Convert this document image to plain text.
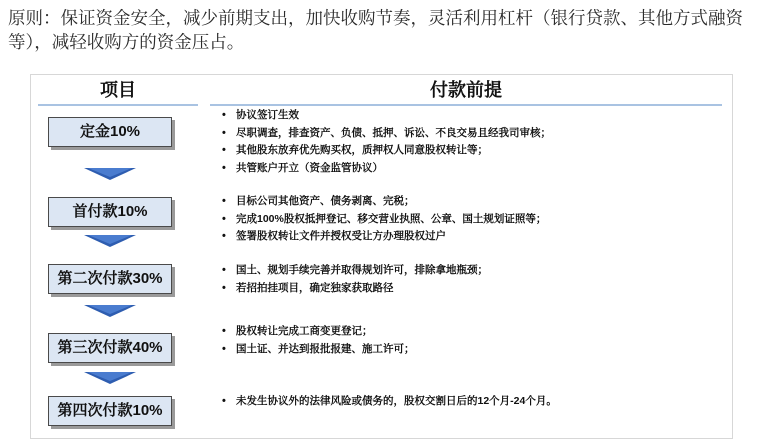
原则：保证资金安全，减少前期支出，加快收购节奏，灵活利用杠杆（银行贷款、其他方式融资等），减轻收购方的资金压占。
项目	付款前提
定金10%
• 协议签订生效
• 尽职调查，排查资产、负债、抵押、诉讼、不良交易且经我司审核；
• 其他股东放弃优先购买权，质押权人同意股权转让等；
• 共管账户开立（资金监管协议）
首付款10%
• 目标公司其他资产、债务剥离、完税；
• 完成100%股权抵押登记、移交营业执照、公章、国土规划证照等；
• 签署股权转让文件并授权受让方办理股权过户
第二次付款30%
•	国土、规划手续完善并取得规划许可，排除拿地瓶颈；
• 若招拍挂项目，确定独家获取路径
第三次付款40%
• 股权转让完成工商变更登记；
• 国土证、并达到报批报建、施工许可；
第四次付款10%
• 未发生协议外的法律风险或债务的，股权交割日后的12个月-24个月。
